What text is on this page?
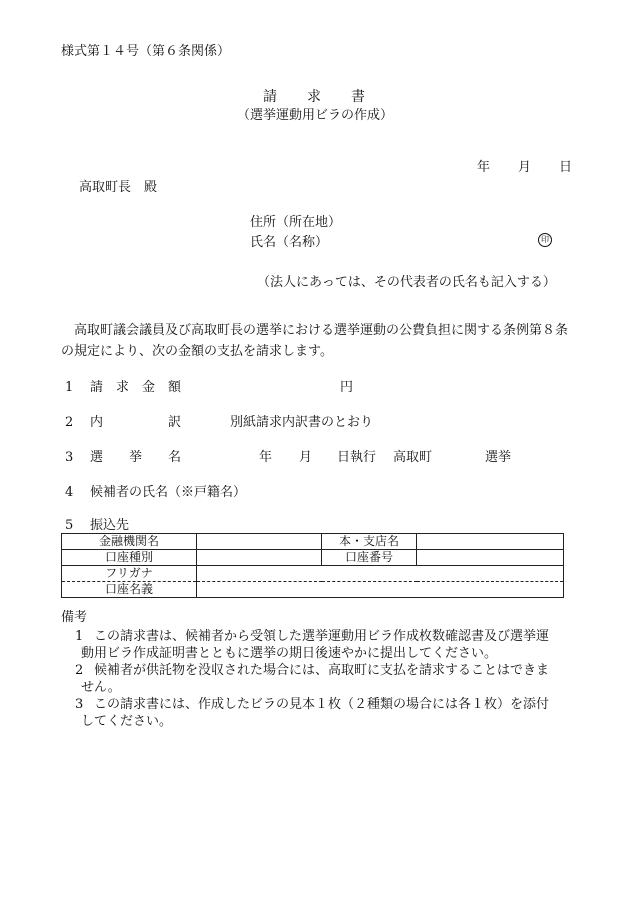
様式第１４号（第６条関係）
請 求 書
（選挙運動用ビラの作成）
年 月 日
高取町長　殿
住所（所在地）
氏名（名称）	印
（法人にあっては、その代表者の氏名も記入する）
高取町議会議員及び高取町長の選挙における選挙運動の公費負担に関する条例第８条の規定により、次の金額の支払を請求します。
1 請　求　金　額	円
2 内　　　　　訳	別紙請求内訳書のとおり
3 選　　挙　　名	年 月 日執行 高取町	選挙
4 候補者の氏名（※戸籍名）
5 振込先
金融機関名		本・支店名	
口座種別		口座番号	
フリガナ			
口座名義			
備考
1 この請求書は、候補者から受領した選挙運動用ビラ作成枚数確認書及び選挙運
動用ビラ作成証明書とともに選挙の期日後速やかに提出してください。
2 候補者が供託物を没収された場合には、高取町に支払を請求することはできま
せん。
3 この請求書には、作成したビラの見本１枚（２種類の場合には各１枚）を添付
してください。
